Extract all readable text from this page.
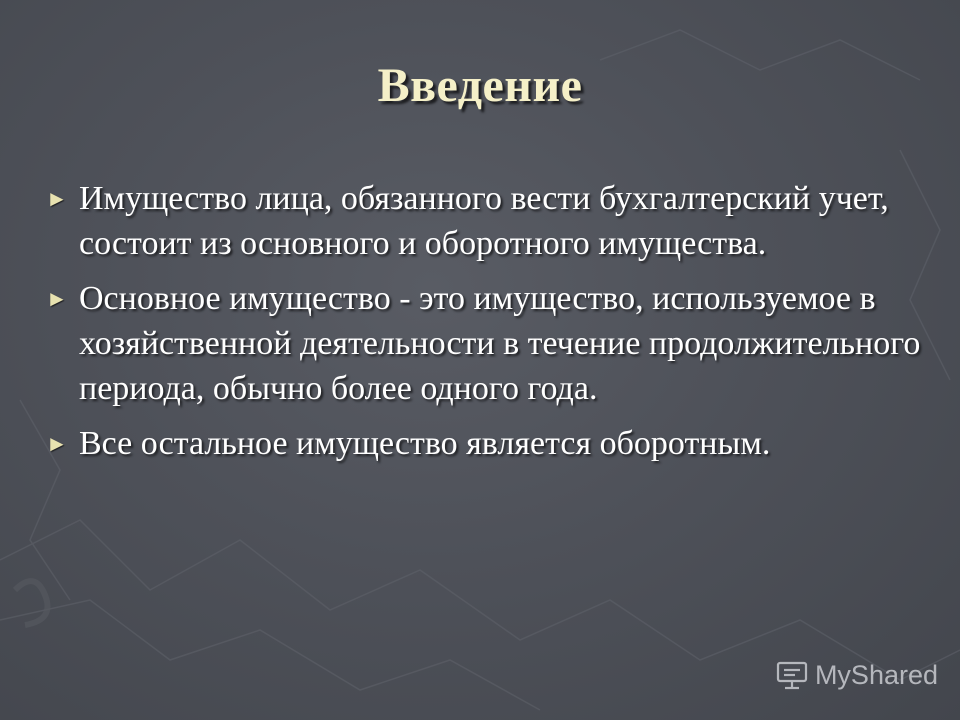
Введение
► Имущество лица, обязанного вести бухгалтерский учет, состоит из основного и оборотного имущества.
► Основное имущество - это имущество, используемое в хозяйственной деятельности в течение продолжительного периода, обычно более одного года.
► Все остальное имущество является оборотным.
MyShared
